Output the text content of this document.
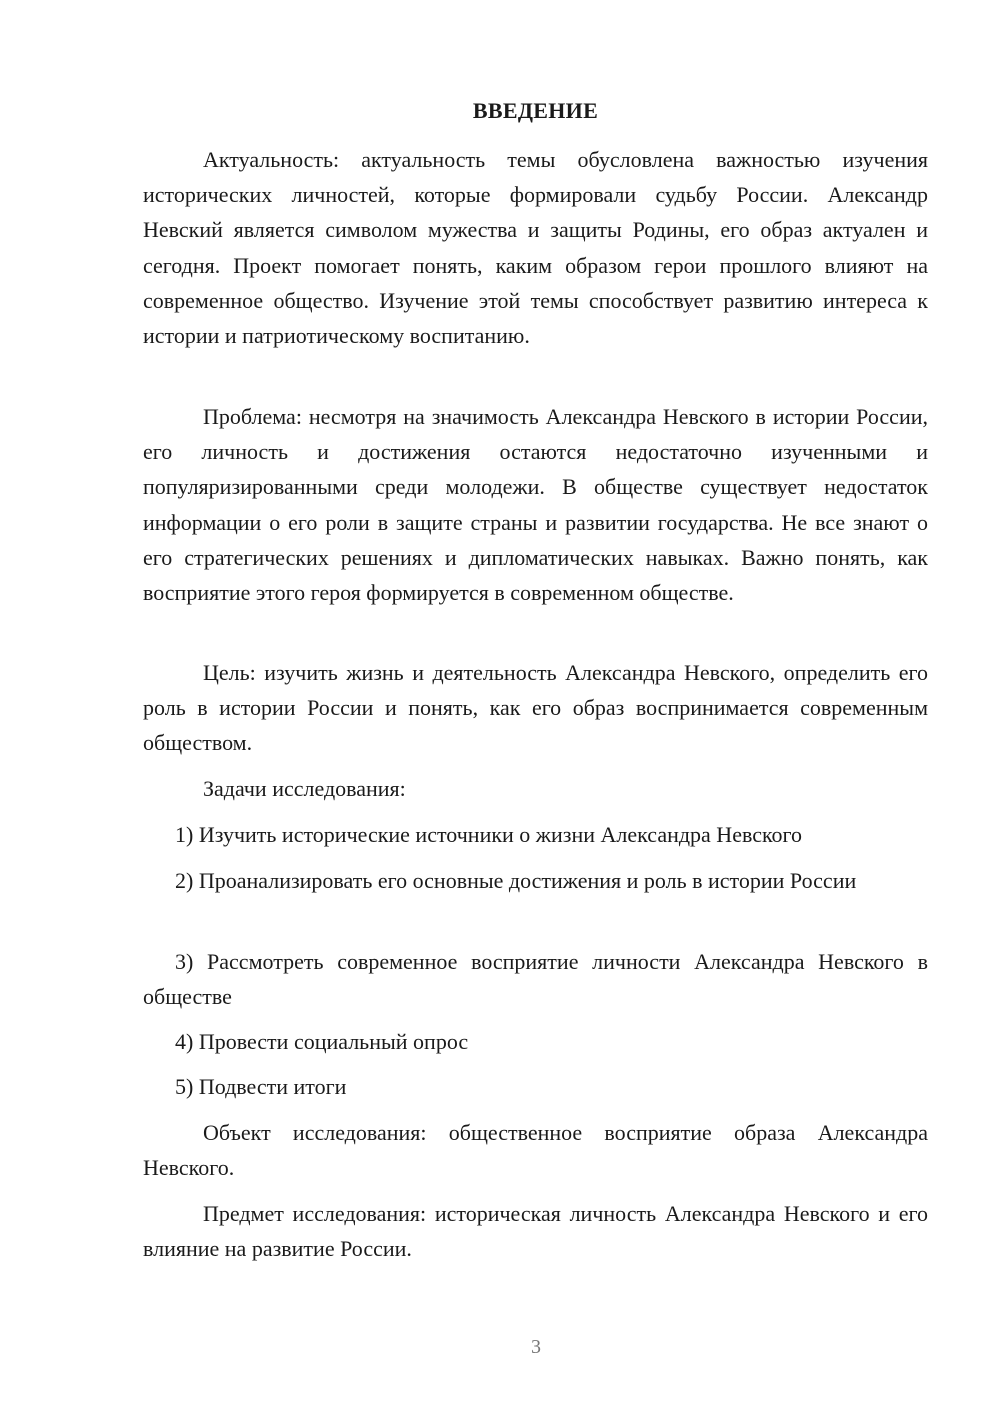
ВВЕДЕНИЕ

Актуальность: актуальность темы обусловлена важностью изучения исторических личностей, которые формировали судьбу России. Александр Невский является символом мужества и защиты Родины, его образ актуален и сегодня. Проект помогает понять, каким образом герои прошлого влияют на современное общество. Изучение этой темы способствует развитию интереса к истории и патриотическому воспитанию.

Проблема: несмотря на значимость Александра Невского в истории России, его личность и достижения остаются недостаточно изученными и популяризированными среди молодежи. В обществе существует недостаток информации о его роли в защите страны и развитии государства. Не все знают о его стратегических решениях и дипломатических навыках. Важно понять, как восприятие этого героя формируется в современном обществе.

Цель: изучить жизнь и деятельность Александра Невского, определить его роль в истории России и понять, как его образ воспринимается современным обществом.

Задачи исследования:

1) Изучить исторические источники о жизни Александра Невского

2) Проанализировать его основные достижения и роль в истории России

3) Рассмотреть современное восприятие личности Александра Невского в обществе

4) Провести социальный опрос

5) Подвести итоги

Объект исследования: общественное восприятие образа Александра Невского.

Предмет исследования: историческая личность Александра Невского и его влияние на развитие России.

3
